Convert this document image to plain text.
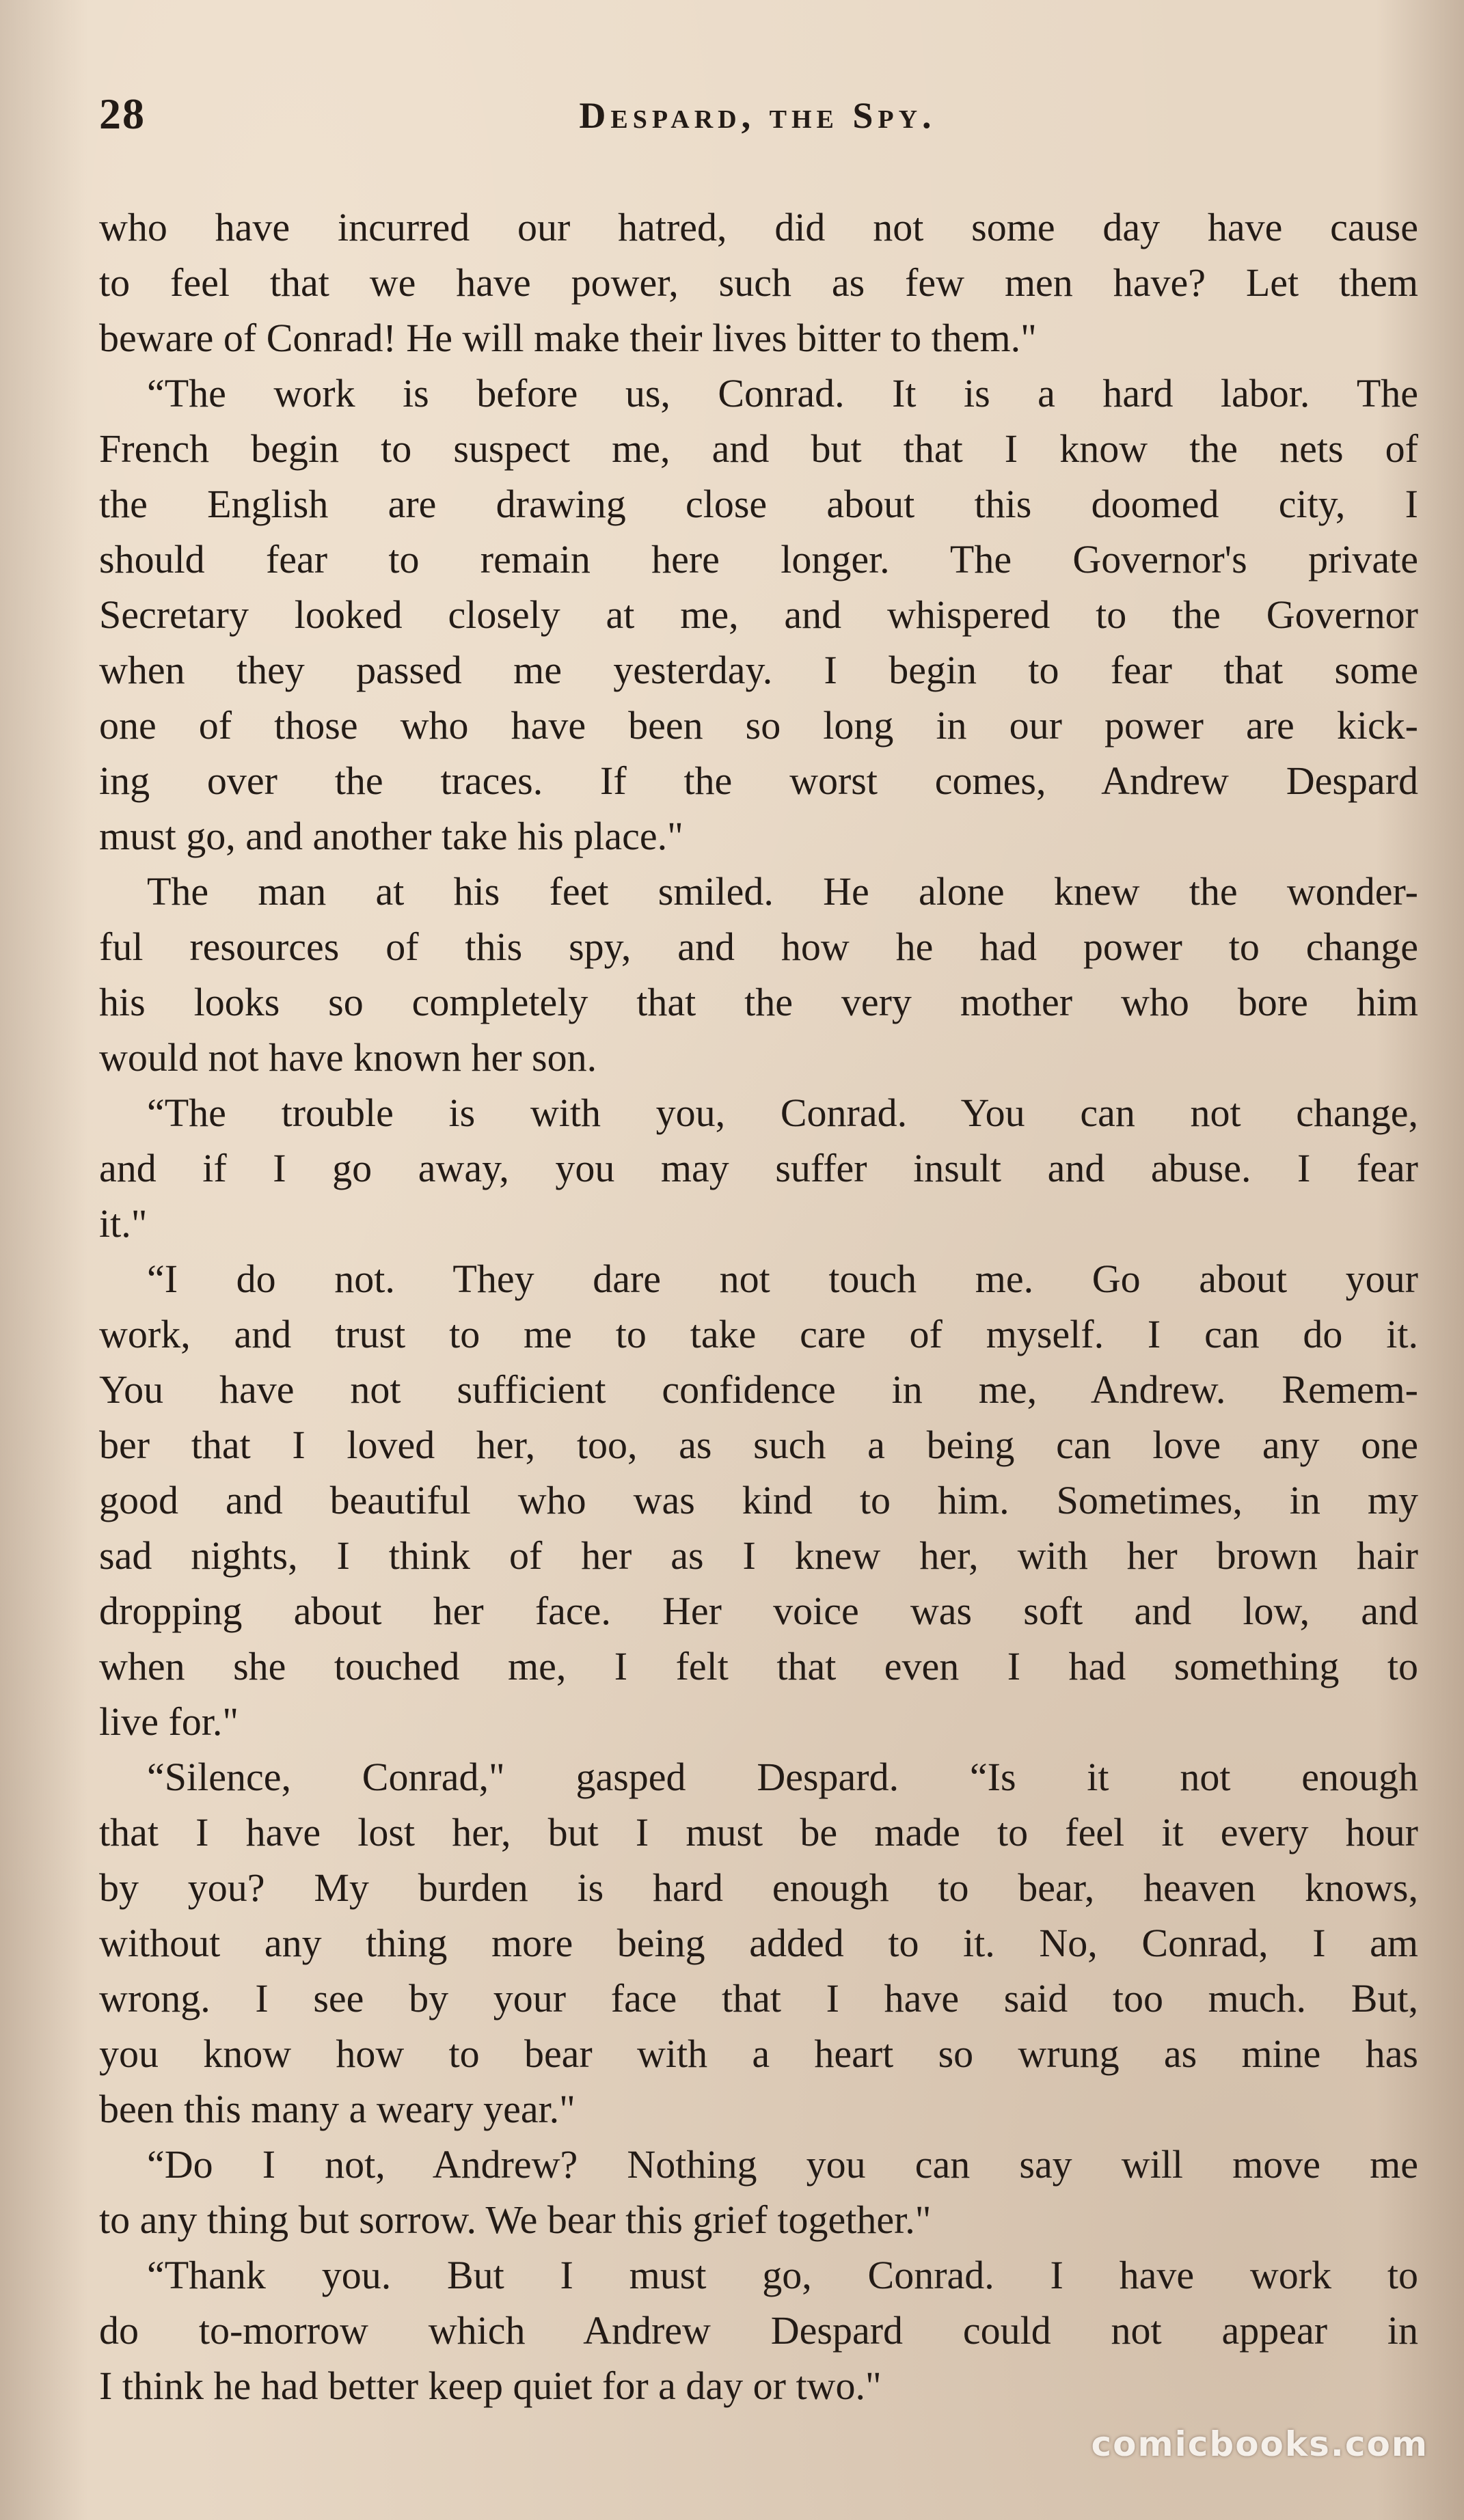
28	Despard, the Spy.
who have incurred our hatred, did not some day have cause
to feel that we have power, such as few men have? Let them
beware of Conrad! He will make their lives bitter to them."
“The work is before us, Conrad. It is a hard labor. The
French begin to suspect me, and but that I know the nets of
the English are drawing close about this doomed city, I
should fear to remain here longer. The Governor's private
Secretary looked closely at me, and whispered to the Governor
when they passed me yesterday. I begin to fear that some
one of those who have been so long in our power are kick-
ing over the traces. If the worst comes, Andrew Despard
must go, and another take his place."
The man at his feet smiled. He alone knew the wonder-
ful resources of this spy, and how he had power to change
his looks so completely that the very mother who bore him
would not have known her son.
“The trouble is with you, Conrad. You can not change,
and if I go away, you may suffer insult and abuse. I fear
it."
“I do not. They dare not touch me. Go about your
work, and trust to me to take care of myself. I can do it.
You have not sufficient confidence in me, Andrew. Remem-
ber that I loved her, too, as such a being can love any one
good and beautiful who was kind to him. Sometimes, in my
sad nights, I think of her as I knew her, with her brown hair
dropping about her face. Her voice was soft and low, and
when she touched me, I felt that even I had something to
live for."
“Silence, Conrad," gasped Despard. “Is it not enough
that I have lost her, but I must be made to feel it every hour
by you? My burden is hard enough to bear, heaven knows,
without any thing more being added to it. No, Conrad, I am
wrong. I see by your face that I have said too much. But,
you know how to bear with a heart so wrung as mine has
been this many a weary year."
“Do I not, Andrew? Nothing you can say will move me
to any thing but sorrow. We bear this grief together."
“Thank you. But I must go, Conrad. I have work to
do to-morrow which Andrew Despard could not appear in
I think he had better keep quiet for a day or two."
comicbooks.com
